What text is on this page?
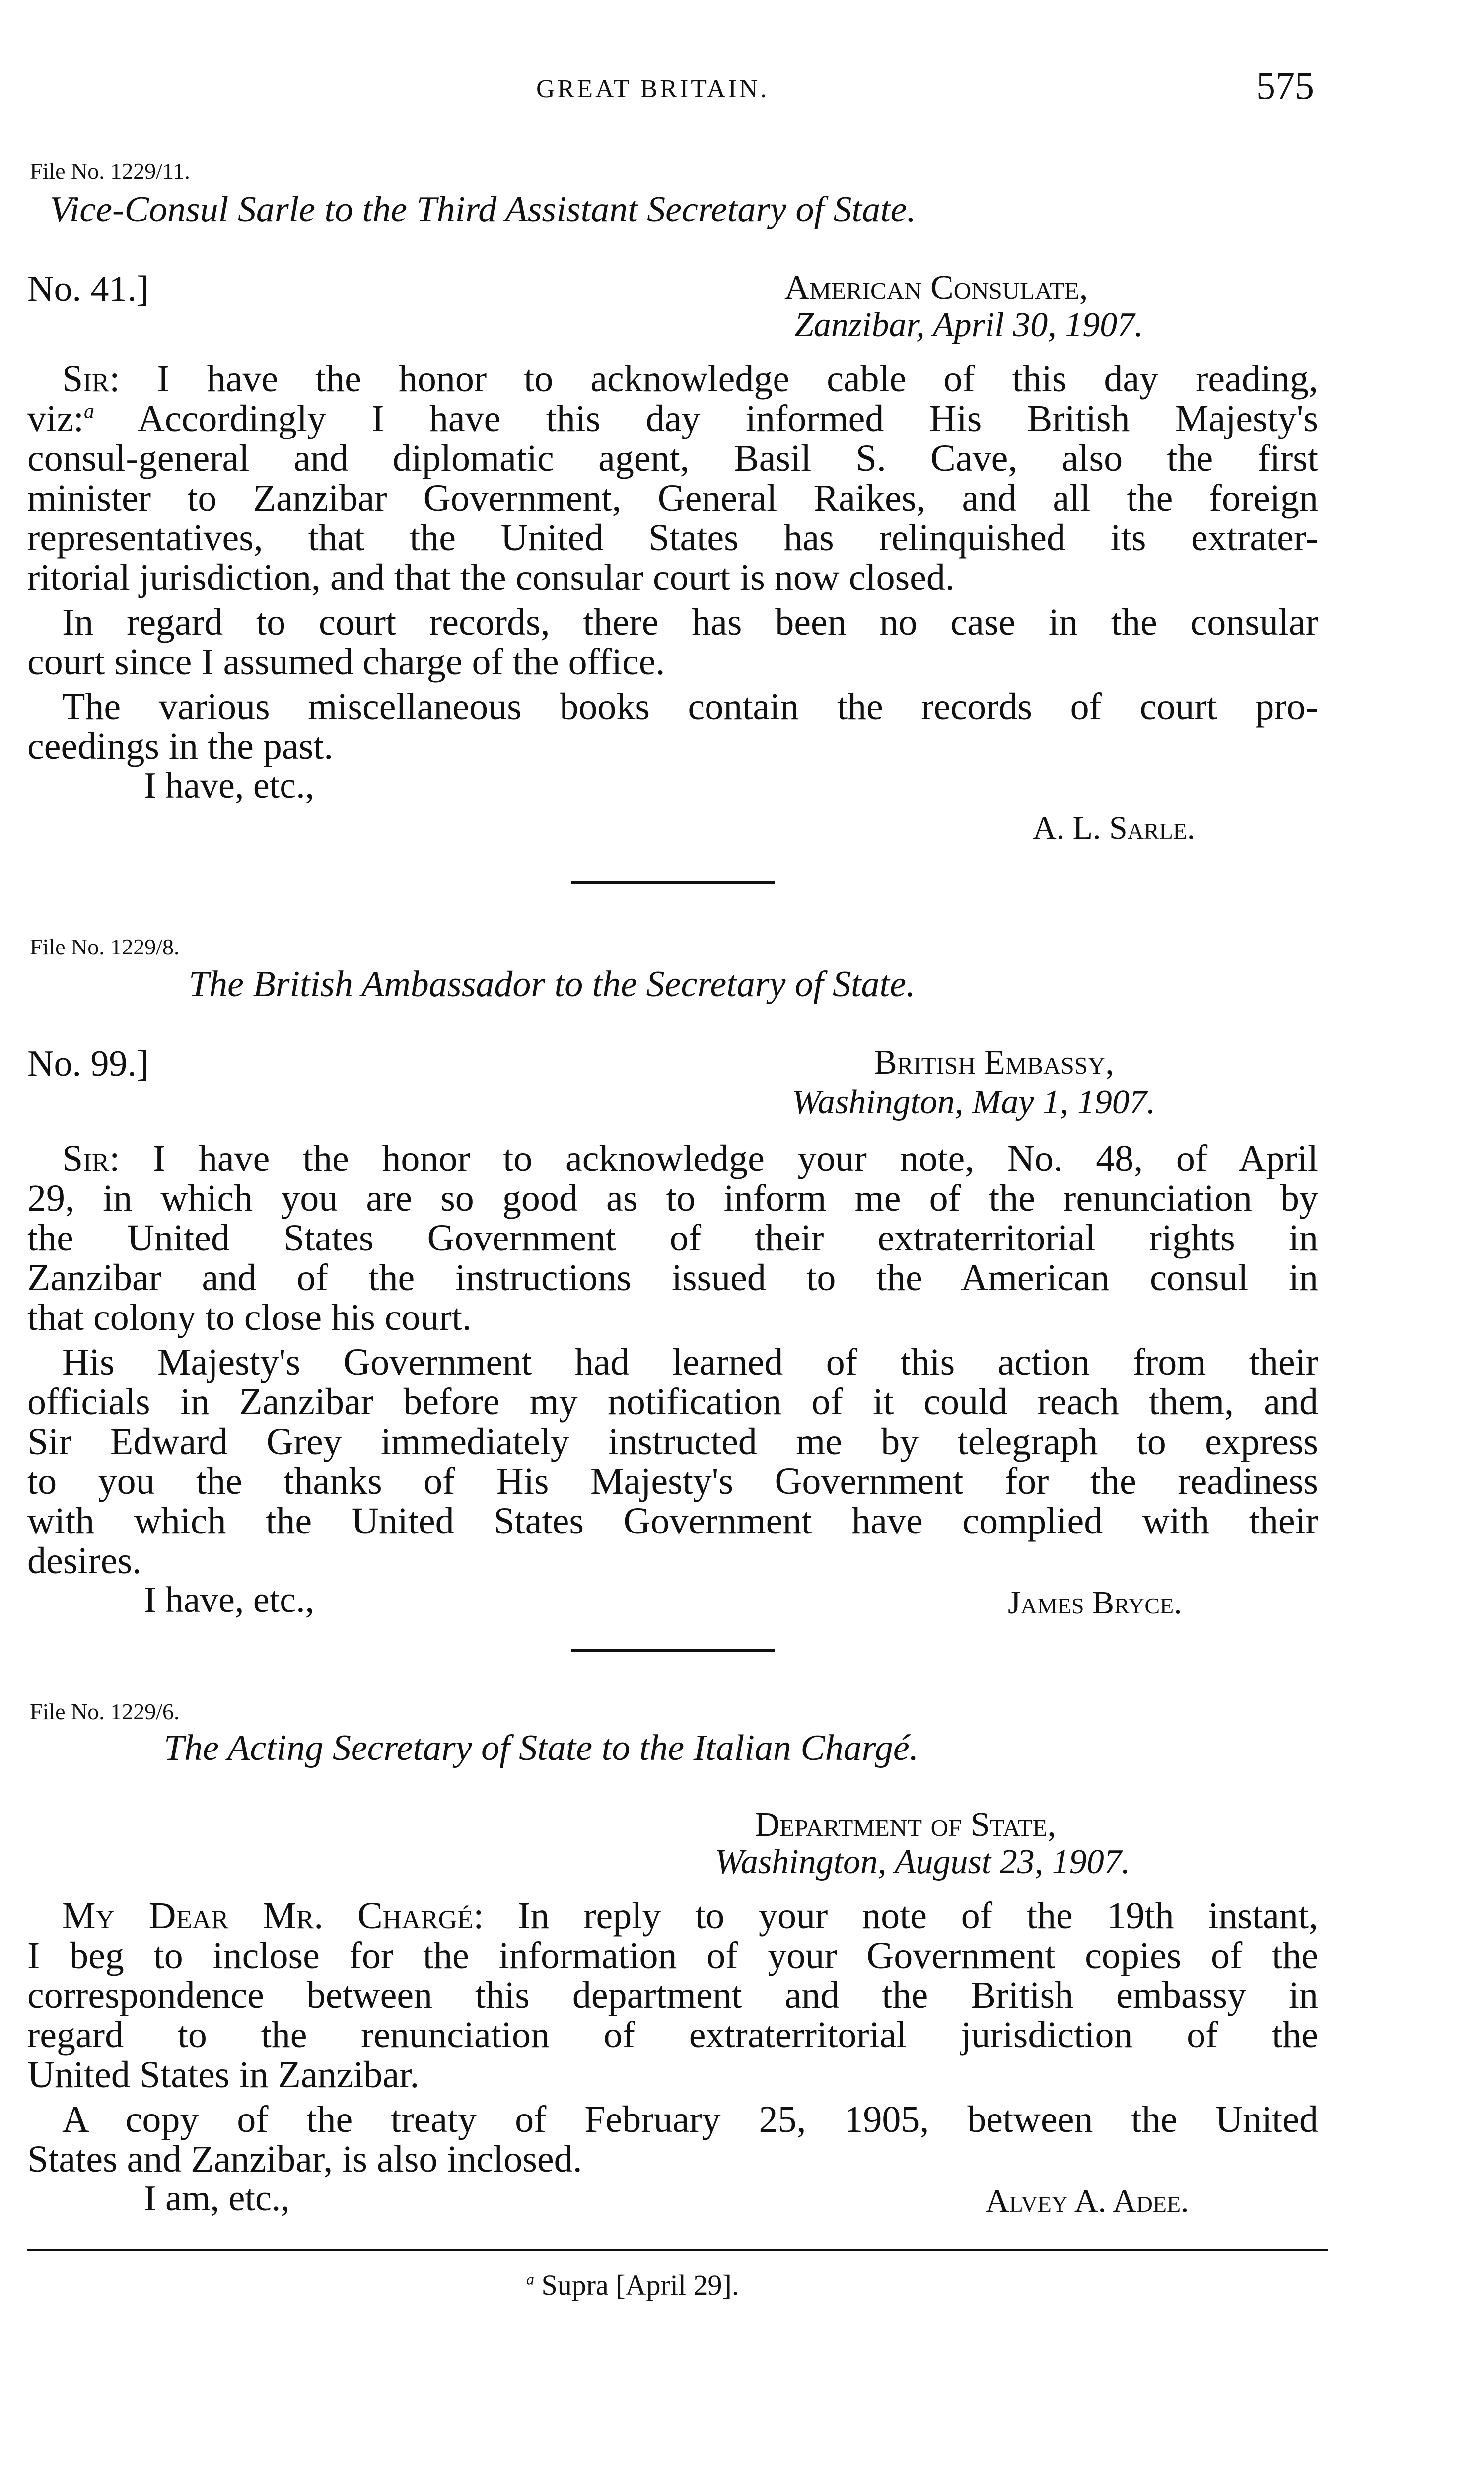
GREAT BRITAIN.	575
File No. 1229/11.
Vice-Consul Sarle to the Third Assistant Secretary of State.
No. 41.]	American Consulate,
Zanzibar, April 30, 1907.
Sir: I have the honor to acknowledge cable of this day reading,
viz:$^a$ Accordingly I have this day informed His British Majesty's
consul-general and diplomatic agent, Basil S. Cave, also the first
minister to Zanzibar Government, General Raikes, and all the foreign
representatives, that the United States has relinquished its extrater-
ritorial jurisdiction, and that the consular court is now closed.
In regard to court records, there has been no case in the consular
court since I assumed charge of the office.
The various miscellaneous books contain the records of court pro-
ceedings in the past.
I have, etc.,
A. L. Sarle.
File No. 1229/8.
The British Ambassador to the Secretary of State.
No. 99.]	British Embassy,
Washington, May 1, 1907.
Sir: I have the honor to acknowledge your note, No. 48, of April
29, in which you are so good as to inform me of the renunciation by
the United States Government of their extraterritorial rights in
Zanzibar and of the instructions issued to the American consul in
that colony to close his court.
His Majesty's Government had learned of this action from their
officials in Zanzibar before my notification of it could reach them, and
Sir Edward Grey immediately instructed me by telegraph to express
to you the thanks of His Majesty's Government for the readiness
with which the United States Government have complied with their
desires.
I have, etc.,	James Bryce.
File No. 1229/6.
The Acting Secretary of State to the Italian Chargé.
Department of State,
Washington, August 23, 1907.
My Dear Mr. Chargé: In reply to your note of the 19th instant,
I beg to inclose for the information of your Government copies of the
correspondence between this department and the British embassy in
regard to the renunciation of extraterritorial jurisdiction of the
United States in Zanzibar.
A copy of the treaty of February 25, 1905, between the United
States and Zanzibar, is also inclosed.
I am, etc.,	Alvey A. Adee.
$^a$ Supra [April 29].
